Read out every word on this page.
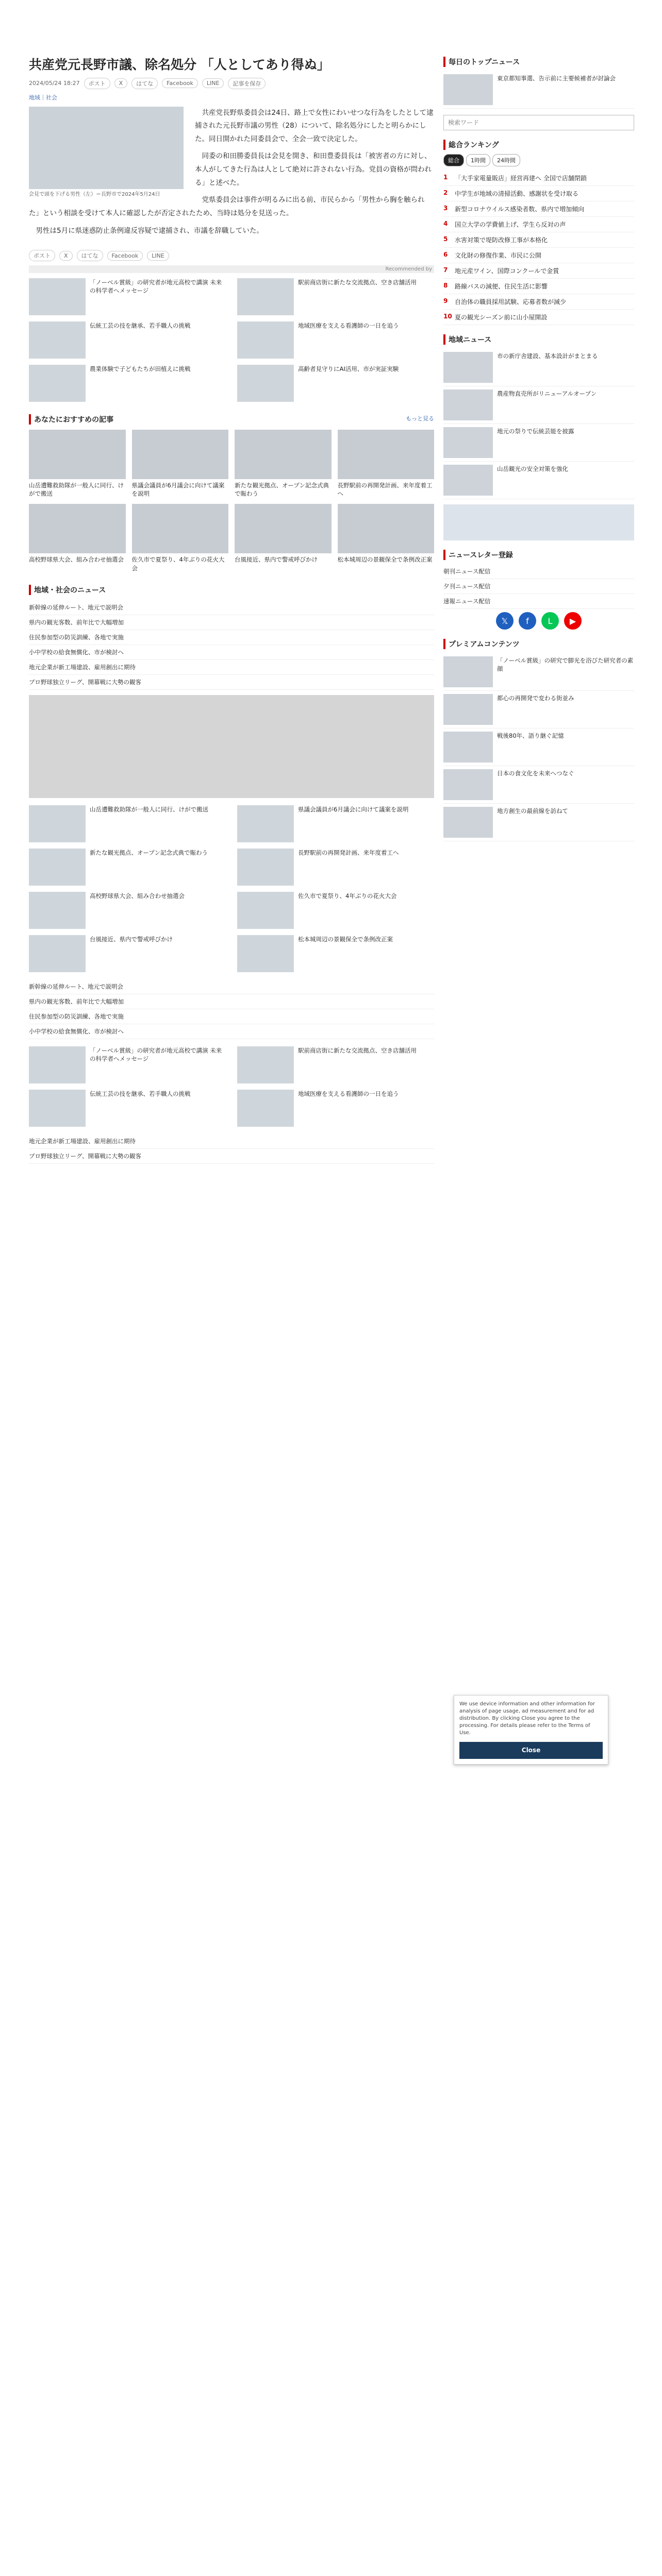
共産党元長野市議、除名処分 「人としてあり得ぬ」
2024/05/24 18:27	ポスト	X	はてな	Facebook	LINE	記事を保存
地域｜社会
会見で頭を下げる男性（左）＝長野市で2024年5月24日

共産党長野県委員会は24日、路上で女性にわいせつな行為をしたとして逮捕された元長野市議の男性（28）について、除名処分にしたと明らかにした。同日開かれた同委員会で、全会一致で決定した。

同委の和田勝委員長は会見を開き、和田豊委員長は「被害者の方に対し、本人がしてきた行為は人として絶対に許されない行為。党員の資格が問われる」と述べた。

党県委員会は事件が明るみに出る前、市民らから「男性から胸を触られた」という相談を受けて本人に確認したが否定されたため、当時は処分を見送った。

男性は5月に県迷惑防止条例違反容疑で逮捕され、市議を辞職していた。

ポスト	X	はてな	Facebook	LINE
Recommended by
「ノーベル賞級」の研究者が地元高校で講演 未来の科学者へメッセージ
駅前商店街に新たな交流拠点、空き店舗活用
伝統工芸の技を継承、若手職人の挑戦	地域医療を支える看護師の一日を追う
農業体験で子どもたちが田植えに挑戦	高齢者見守りにAI活用、市が実証実験
あなたにおすすめの記事	もっと見る
山岳遭難救助隊が一般人に同行、けがで搬送
県議会議員が6月議会に向けて議案を説明
新たな観光拠点、オープン記念式典で賑わう
長野駅前の再開発計画、来年度着工へ
高校野球県大会、組み合わせ抽選会	佐久市で夏祭り、4年ぶりの花火大会
台風接近、県内で警戒呼びかけ	松本城周辺の景観保全で条例改正案
地域・社会のニュース
新幹線の延伸ルート、地元で説明会
県内の観光客数、前年比で大幅増加
住民参加型の防災訓練、各地で実施
小中学校の給食無償化、市が検討へ
地元企業が新工場建設、雇用創出に期待
プロ野球独立リーグ、開幕戦に大勢の観客
山岳遭難救助隊が一般人に同行、けがで搬送	県議会議員が6月議会に向けて議案を説明
新たな観光拠点、オープン記念式典で賑わう	長野駅前の再開発計画、来年度着工へ
高校野球県大会、組み合わせ抽選会	佐久市で夏祭り、4年ぶりの花火大会
台風接近、県内で警戒呼びかけ	松本城周辺の景観保全で条例改正案
新幹線の延伸ルート、地元で説明会
県内の観光客数、前年比で大幅増加
住民参加型の防災訓練、各地で実施
小中学校の給食無償化、市が検討へ
「ノーベル賞級」の研究者が地元高校で講演 未来の科学者へメッセージ
駅前商店街に新たな交流拠点、空き店舗活用
伝統工芸の技を継承、若手職人の挑戦	地域医療を支える看護師の一日を追う
地元企業が新工場建設、雇用創出に期待
プロ野球独立リーグ、開幕戦に大勢の観客
毎日のトップニュース
東京都知事選、告示前に主要候補者が討論会
検索ワード
総合ランキング
総合	1時間	24時間
1	「大手家電量販店」経営再建へ 全国で店舗閉鎖
2	中学生が地域の清掃活動、感謝状を受け取る
3	新型コロナウイルス感染者数、県内で増加傾向
4	国立大学の学費値上げ、学生ら反対の声
5	水害対策で堤防改修工事が本格化
6	文化財の修復作業、市民に公開
7	地元産ワイン、国際コンクールで金賞
8	路線バスの減便、住民生活に影響
9	自治体の職員採用試験、応募者数が減少
10 夏の観光シーズン前に山小屋開設
地域ニュース
市の新庁舎建設、基本設計がまとまる
農産物直売所がリニューアルオープン
地元の祭りで伝統芸能を披露
山岳観光の安全対策を強化
ニュースレター登録
朝刊ニュース配信
夕刊ニュース配信
速報ニュース配信
𝕏	f	L	▶
プレミアムコンテンツ
「ノーベル賞級」の研究で脚光を浴びた研究者の素顔
都心の再開発で変わる街並み
戦後80年、語り継ぐ記憶
日本の食文化を未来へつなぐ
地方創生の最前線を訪ねて
We use device information and other information for analysis of page usage, ad measurement and for ad distribution. By clicking Close you agree to the processing. For details please refer to the Terms of Use.
Close
